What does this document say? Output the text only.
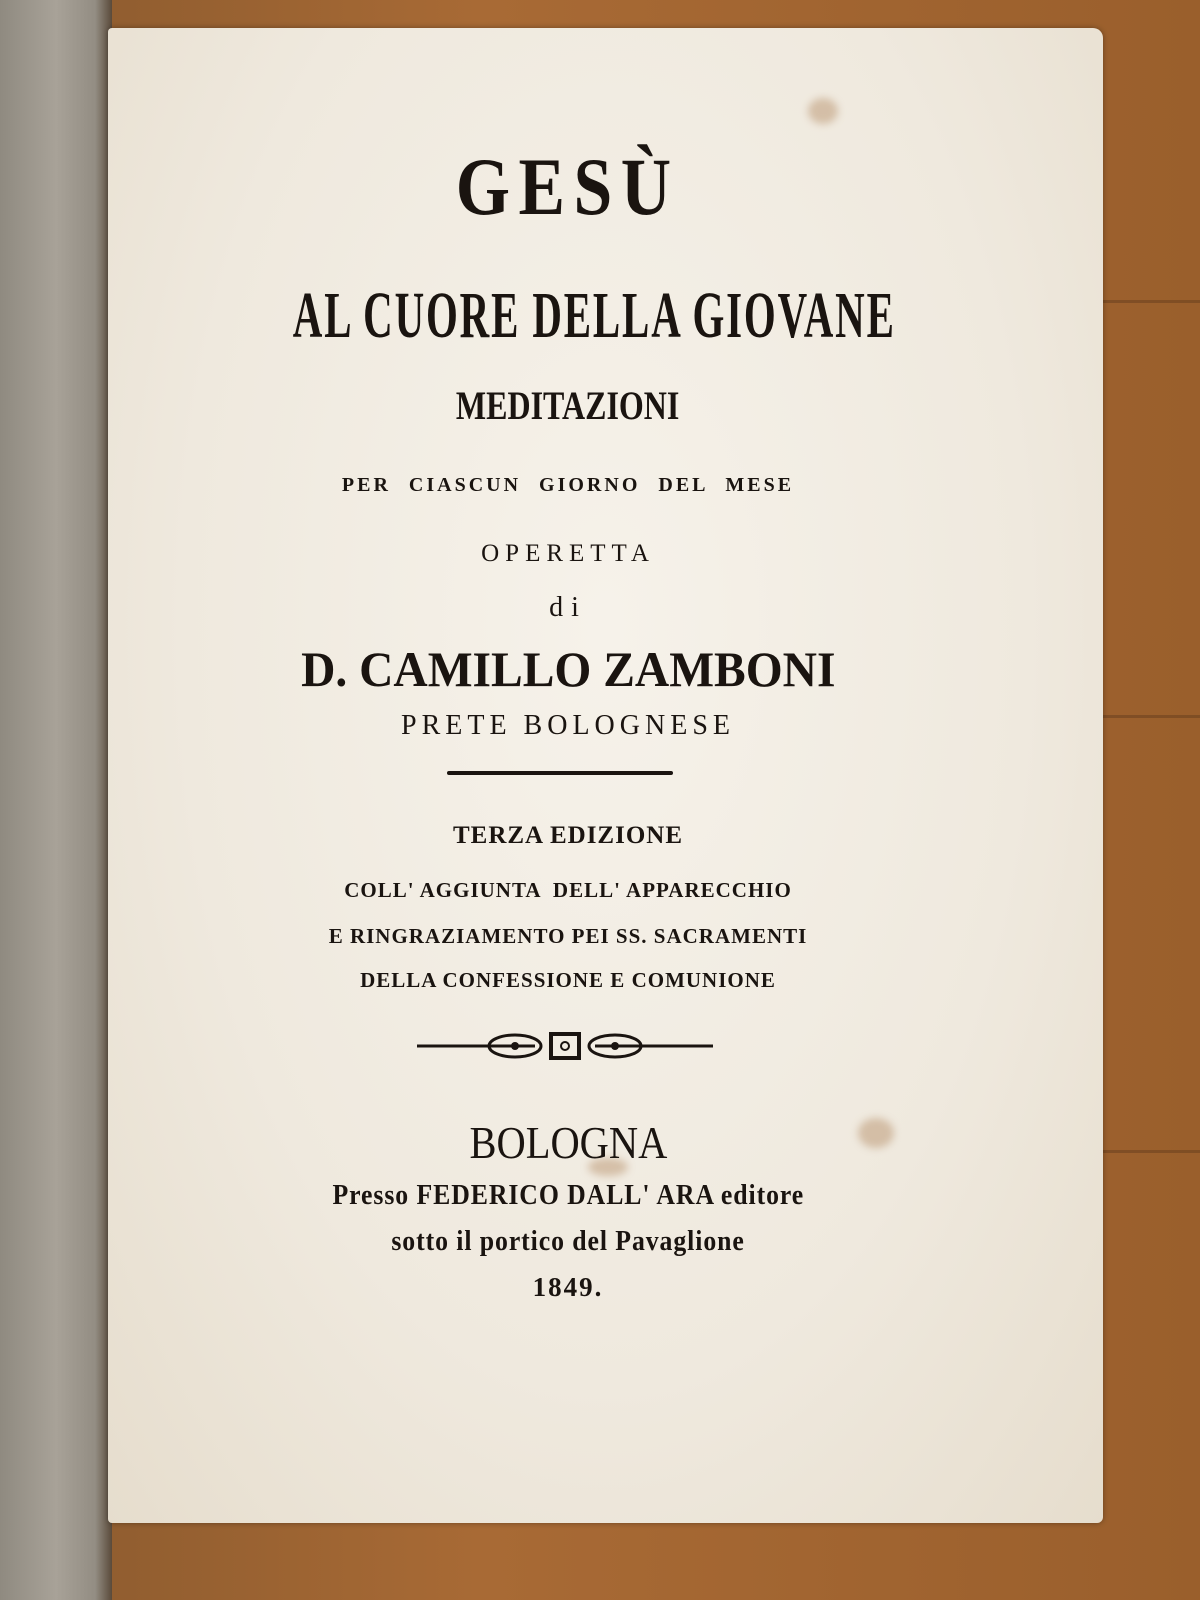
GESÙ
AL CUORE DELLA GIOVANE
MEDITAZIONI
PER CIASCUN GIORNO DEL MESE
OPERETTA
di
D. CAMILLO ZAMBONI
PRETE BOLOGNESE
TERZA EDIZIONE
COLL' AGGIUNTA  DELL' APPARECCHIO
E RINGRAZIAMENTO PEI SS. SACRAMENTI
DELLA CONFESSIONE E COMUNIONE
BOLOGNA
Presso FEDERICO DALL' ARA editore
sotto il portico del Pavaglione
1849.
